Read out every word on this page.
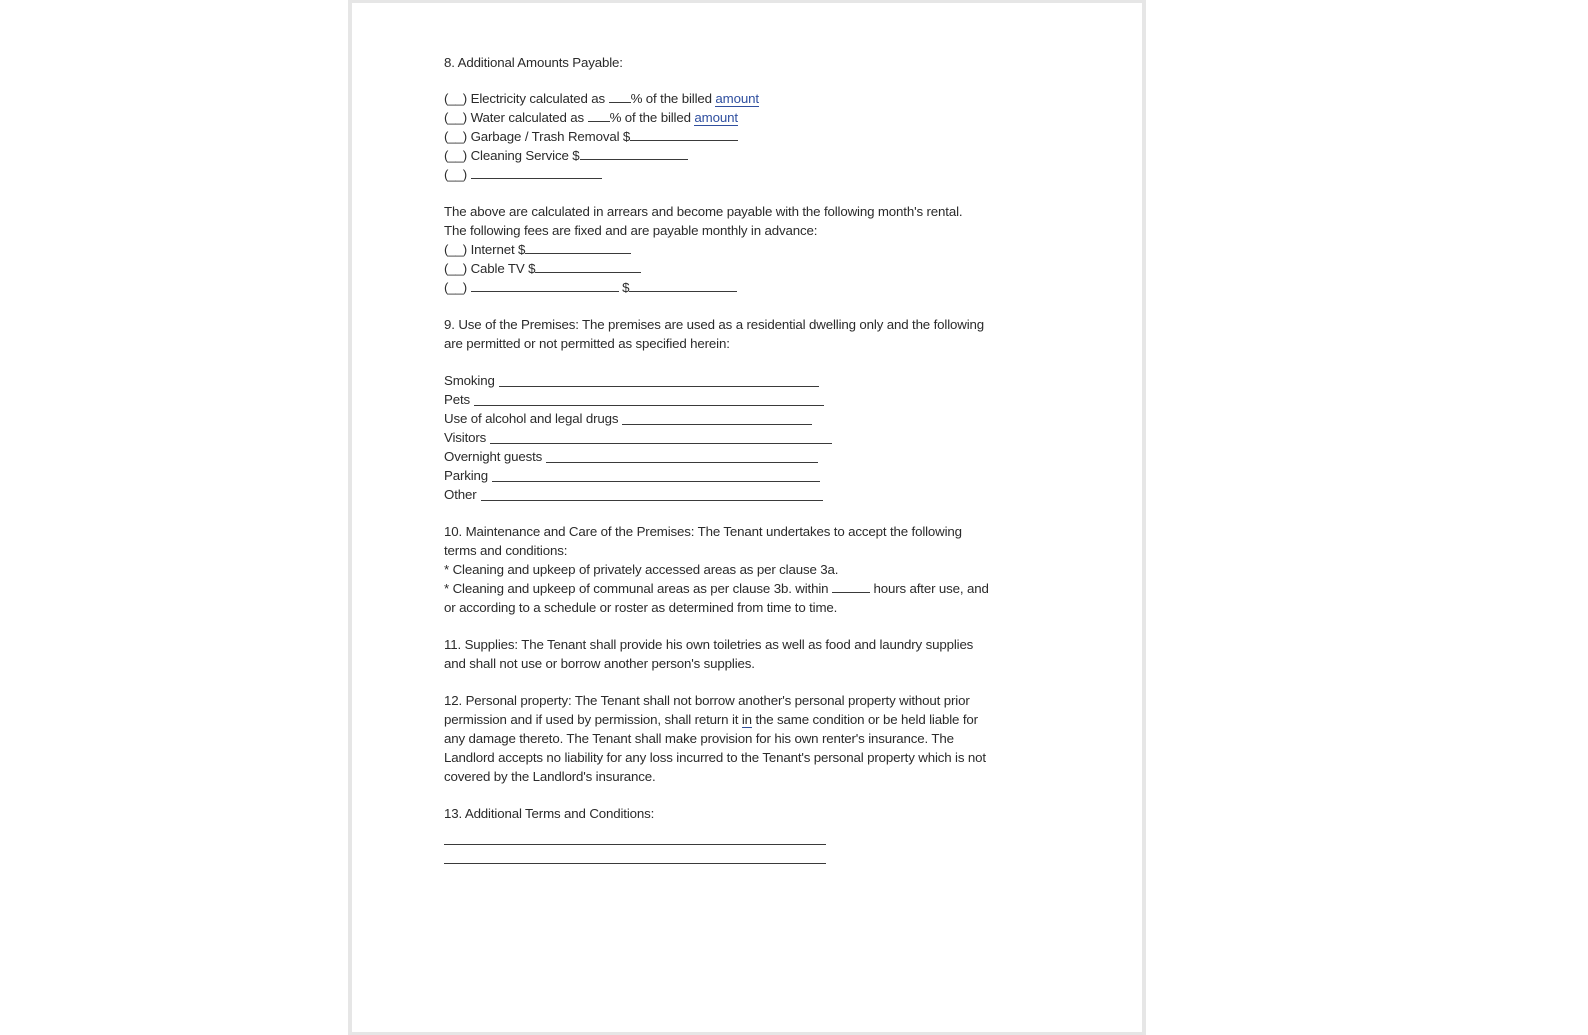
8. Additional Amounts Payable:
(__) Electricity calculated as % of the billed amount
(__) Water calculated as % of the billed amount
(__) Garbage / Trash Removal $
(__) Cleaning Service $
(__)
The above are calculated in arrears and become payable with the following month's rental.
The following fees are fixed and are payable monthly in advance:
(__) Internet $
(__) Cable TV $
(__)	$
9. Use of the Premises: The premises are used as a residential dwelling only and the following
are permitted or not permitted as specified herein:
Smoking
Pets
Use of alcohol and legal drugs
Visitors
Overnight guests
Parking
Other
10. Maintenance and Care of the Premises: The Tenant undertakes to accept the following
terms and conditions:
* Cleaning and upkeep of privately accessed areas as per clause 3a.
* Cleaning and upkeep of communal areas as per clause 3b. within	hours after use, and
or according to a schedule or roster as determined from time to time.
11. Supplies: The Tenant shall provide his own toiletries as well as food and laundry supplies
and shall not use or borrow another person's supplies.
12. Personal property: The Tenant shall not borrow another's personal property without prior
permission and if used by permission, shall return it in the same condition or be held liable for
any damage thereto. The Tenant shall make provision for his own renter's insurance. The
Landlord accepts no liability for any loss incurred to the Tenant's personal property which is not
covered by the Landlord's insurance.
13. Additional Terms and Conditions:
